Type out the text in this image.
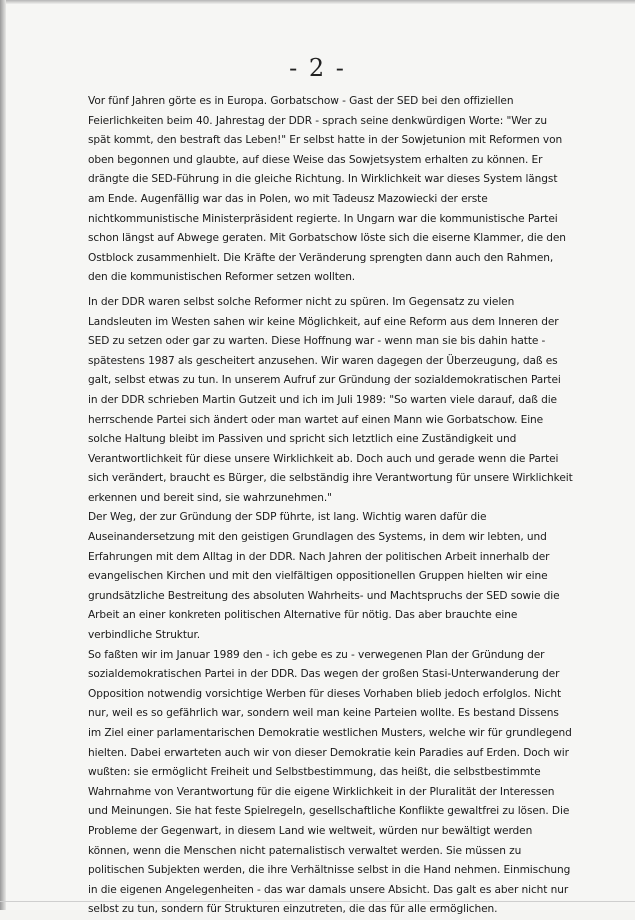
- 2 -

Vor fünf Jahren görte es in Europa. Gorbatschow - Gast der SED bei den offiziellen
Feierlichkeiten beim 40. Jahrestag der DDR - sprach seine denkwürdigen Worte: "Wer zu
spät kommt, den bestraft das Leben!" Er selbst hatte in der Sowjetunion mit Reformen von
oben begonnen und glaubte, auf diese Weise das Sowjetsystem erhalten zu können. Er
drängte die SED-Führung in die gleiche Richtung. In Wirklichkeit war dieses System längst
am Ende. Augenfällig war das in Polen, wo mit Tadeusz Mazowiecki der erste
nichtkommunistische Ministerpräsident regierte. In Ungarn war die kommunistische Partei
schon längst auf Abwege geraten. Mit Gorbatschow löste sich die eiserne Klammer, die den
Ostblock zusammenhielt. Die Kräfte der Veränderung sprengten dann auch den Rahmen,
den die kommunistischen Reformer setzen wollten.

In der DDR waren selbst solche Reformer nicht zu spüren. Im Gegensatz zu vielen
Landsleuten im Westen sahen wir keine Möglichkeit, auf eine Reform aus dem Inneren der
SED zu setzen oder gar zu warten. Diese Hoffnung war - wenn man sie bis dahin hatte -
spätestens 1987 als gescheitert anzusehen. Wir waren dagegen der Überzeugung, daß es
galt, selbst etwas zu tun. In unserem Aufruf zur Gründung der sozialdemokratischen Partei
in der DDR schrieben Martin Gutzeit und ich im Juli 1989: "So warten viele darauf, daß die
herrschende Partei sich ändert oder man wartet auf einen Mann wie Gorbatschow. Eine
solche Haltung bleibt im Passiven und spricht sich letztlich eine Zuständigkeit und
Verantwortlichkeit für diese unsere Wirklichkeit ab. Doch auch und gerade wenn die Partei
sich verändert, braucht es Bürger, die selbständig ihre Verantwortung für unsere Wirklichkeit
erkennen und bereit sind, sie wahrzunehmen."

Der Weg, der zur Gründung der SDP führte, ist lang. Wichtig waren dafür die
Auseinandersetzung mit den geistigen Grundlagen des Systems, in dem wir lebten, und
Erfahrungen mit dem Alltag in der DDR. Nach Jahren der politischen Arbeit innerhalb der
evangelischen Kirchen und mit den vielfältigen oppositionellen Gruppen hielten wir eine
grundsätzliche Bestreitung des absoluten Wahrheits- und Machtspruchs der SED sowie die
Arbeit an einer konkreten politischen Alternative für nötig. Das aber brauchte eine
verbindliche Struktur.

So faßten wir im Januar 1989 den - ich gebe es zu - verwegenen Plan der Gründung der
sozialdemokratischen Partei in der DDR. Das wegen der großen Stasi-Unterwanderung der
Opposition notwendig vorsichtige Werben für dieses Vorhaben blieb jedoch erfolglos. Nicht
nur, weil es so gefährlich war, sondern weil man keine Parteien wollte. Es bestand Dissens
im Ziel einer parlamentarischen Demokratie westlichen Musters, welche wir für grundlegend
hielten. Dabei erwarteten auch wir von dieser Demokratie kein Paradies auf Erden. Doch wir
wußten: sie ermöglicht Freiheit und Selbstbestimmung, das heißt, die selbstbestimmte
Wahrnahme von Verantwortung für die eigene Wirklichkeit in der Pluralität der Interessen
und Meinungen. Sie hat feste Spielregeln, gesellschaftliche Konflikte gewaltfrei zu lösen. Die
Probleme der Gegenwart, in diesem Land wie weltweit, würden nur bewältigt werden
können, wenn die Menschen nicht paternalistisch verwaltet werden. Sie müssen zu
politischen Subjekten werden, die ihre Verhältnisse selbst in die Hand nehmen. Einmischung
in die eigenen Angelegenheiten - das war damals unsere Absicht. Das galt es aber nicht nur
selbst zu tun, sondern für Strukturen einzutreten, die das für alle ermöglichen.
